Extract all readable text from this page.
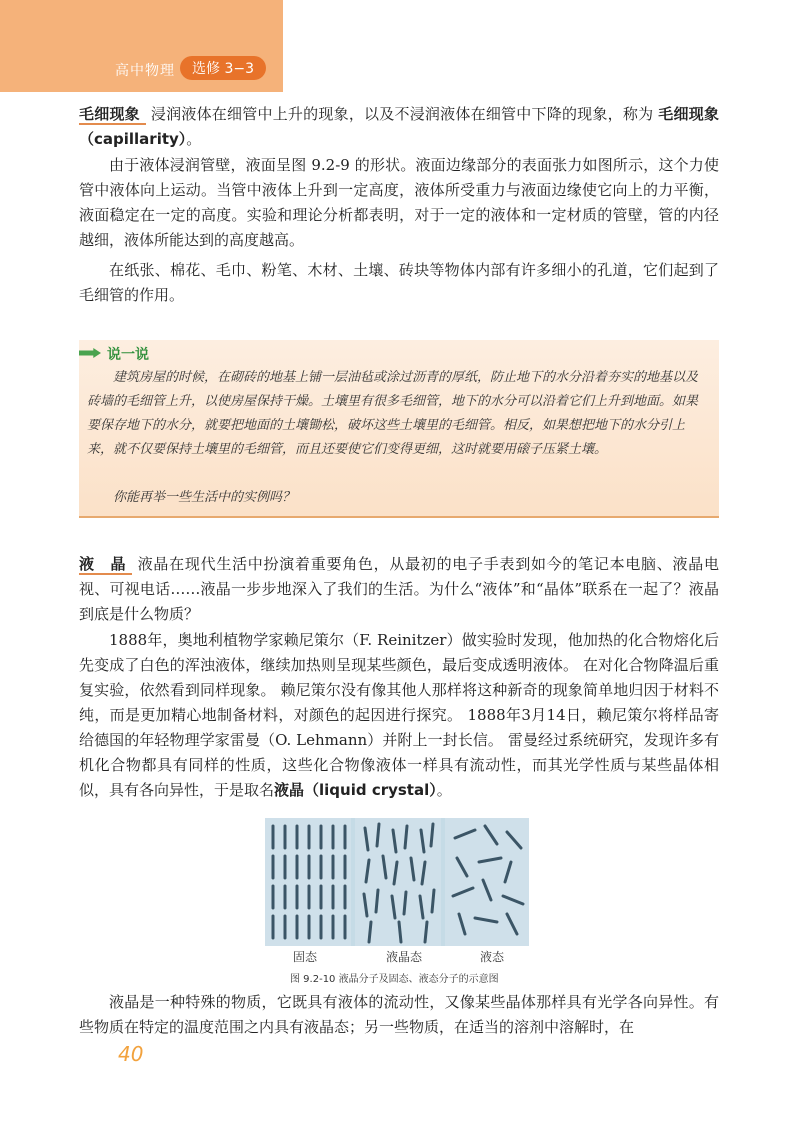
高中物理	选修 3−3

毛细现象 浸润液体在细管中上升的现象，以及不浸润液体在细管中下降的现象，称为 毛细现象（capillarity）。

由于液体浸润管壁，液面呈图 9.2-9 的形状。液面边缘部分的表面张力如图所示，这个力使管中液体向上运动。当管中液体上升到一定高度，液体所受重力与液面边缘使它向上的力平衡，液面稳定在一定的高度。实验和理论分析都表明，对于一定的液体和一定材质的管壁，管的内径越细，液体所能达到的高度越高。

在纸张、棉花、毛巾、粉笔、木材、土壤、砖块等物体内部有许多细小的孔道，它们起到了毛细管的作用。

说一说

建筑房屋的时候，在砌砖的地基上铺一层油毡或涂过沥青的厚纸，防止地下的水分沿着夯实的地基以及砖墙的毛细管上升，以使房屋保持干燥。土壤里有很多毛细管，地下的水分可以沿着它们上升到地面。如果要保存地下的水分，就要把地面的土壤锄松，破坏这些土壤里的毛细管。相反，如果想把地下的水分引上来，就不仅要保持土壤里的毛细管，而且还要使它们变得更细，这时就要用磙子压紧土壤。

你能再举一些生活中的实例吗？

液　晶 液晶在现代生活中扮演着重要角色，从最初的电子手表到如今的笔记本电脑、液晶电视、可视电话……液晶一步步地深入了我们的生活。为什么“液体”和“晶体”联系在一起了？液晶到底是什么物质？

1888年，奥地利植物学家赖尼策尔（F. Reinitzer）做实验时发现，他加热的化合物熔化后先变成了白色的浑浊液体，继续加热则呈现某些颜色，最后变成透明液体。 在对化合物降温后重复实验，依然看到同样现象。 赖尼策尔没有像其他人那样将这种新奇的现象简单地归因于材料不纯，而是更加精心地制备材料，对颜色的起因进行探究。 1888年3月14日，赖尼策尔将样品寄给德国的年轻物理学家雷曼（O. Lehmann）并附上一封长信。 雷曼经过系统研究，发现许多有机化合物都具有同样的性质，这些化合物像液体一样具有流动性，而其光学性质与某些晶体相似，具有各向异性，于是取名液晶（liquid crystal）。

固态	液晶态	液态
图 9.2-10 液晶分子及固态、液态分子的示意图

液晶是一种特殊的物质，它既具有液体的流动性，又像某些晶体那样具有光学各向异性。有些物质在特定的温度范围之内具有液晶态；另一些物质，在适当的溶剂中溶解时，在

40
